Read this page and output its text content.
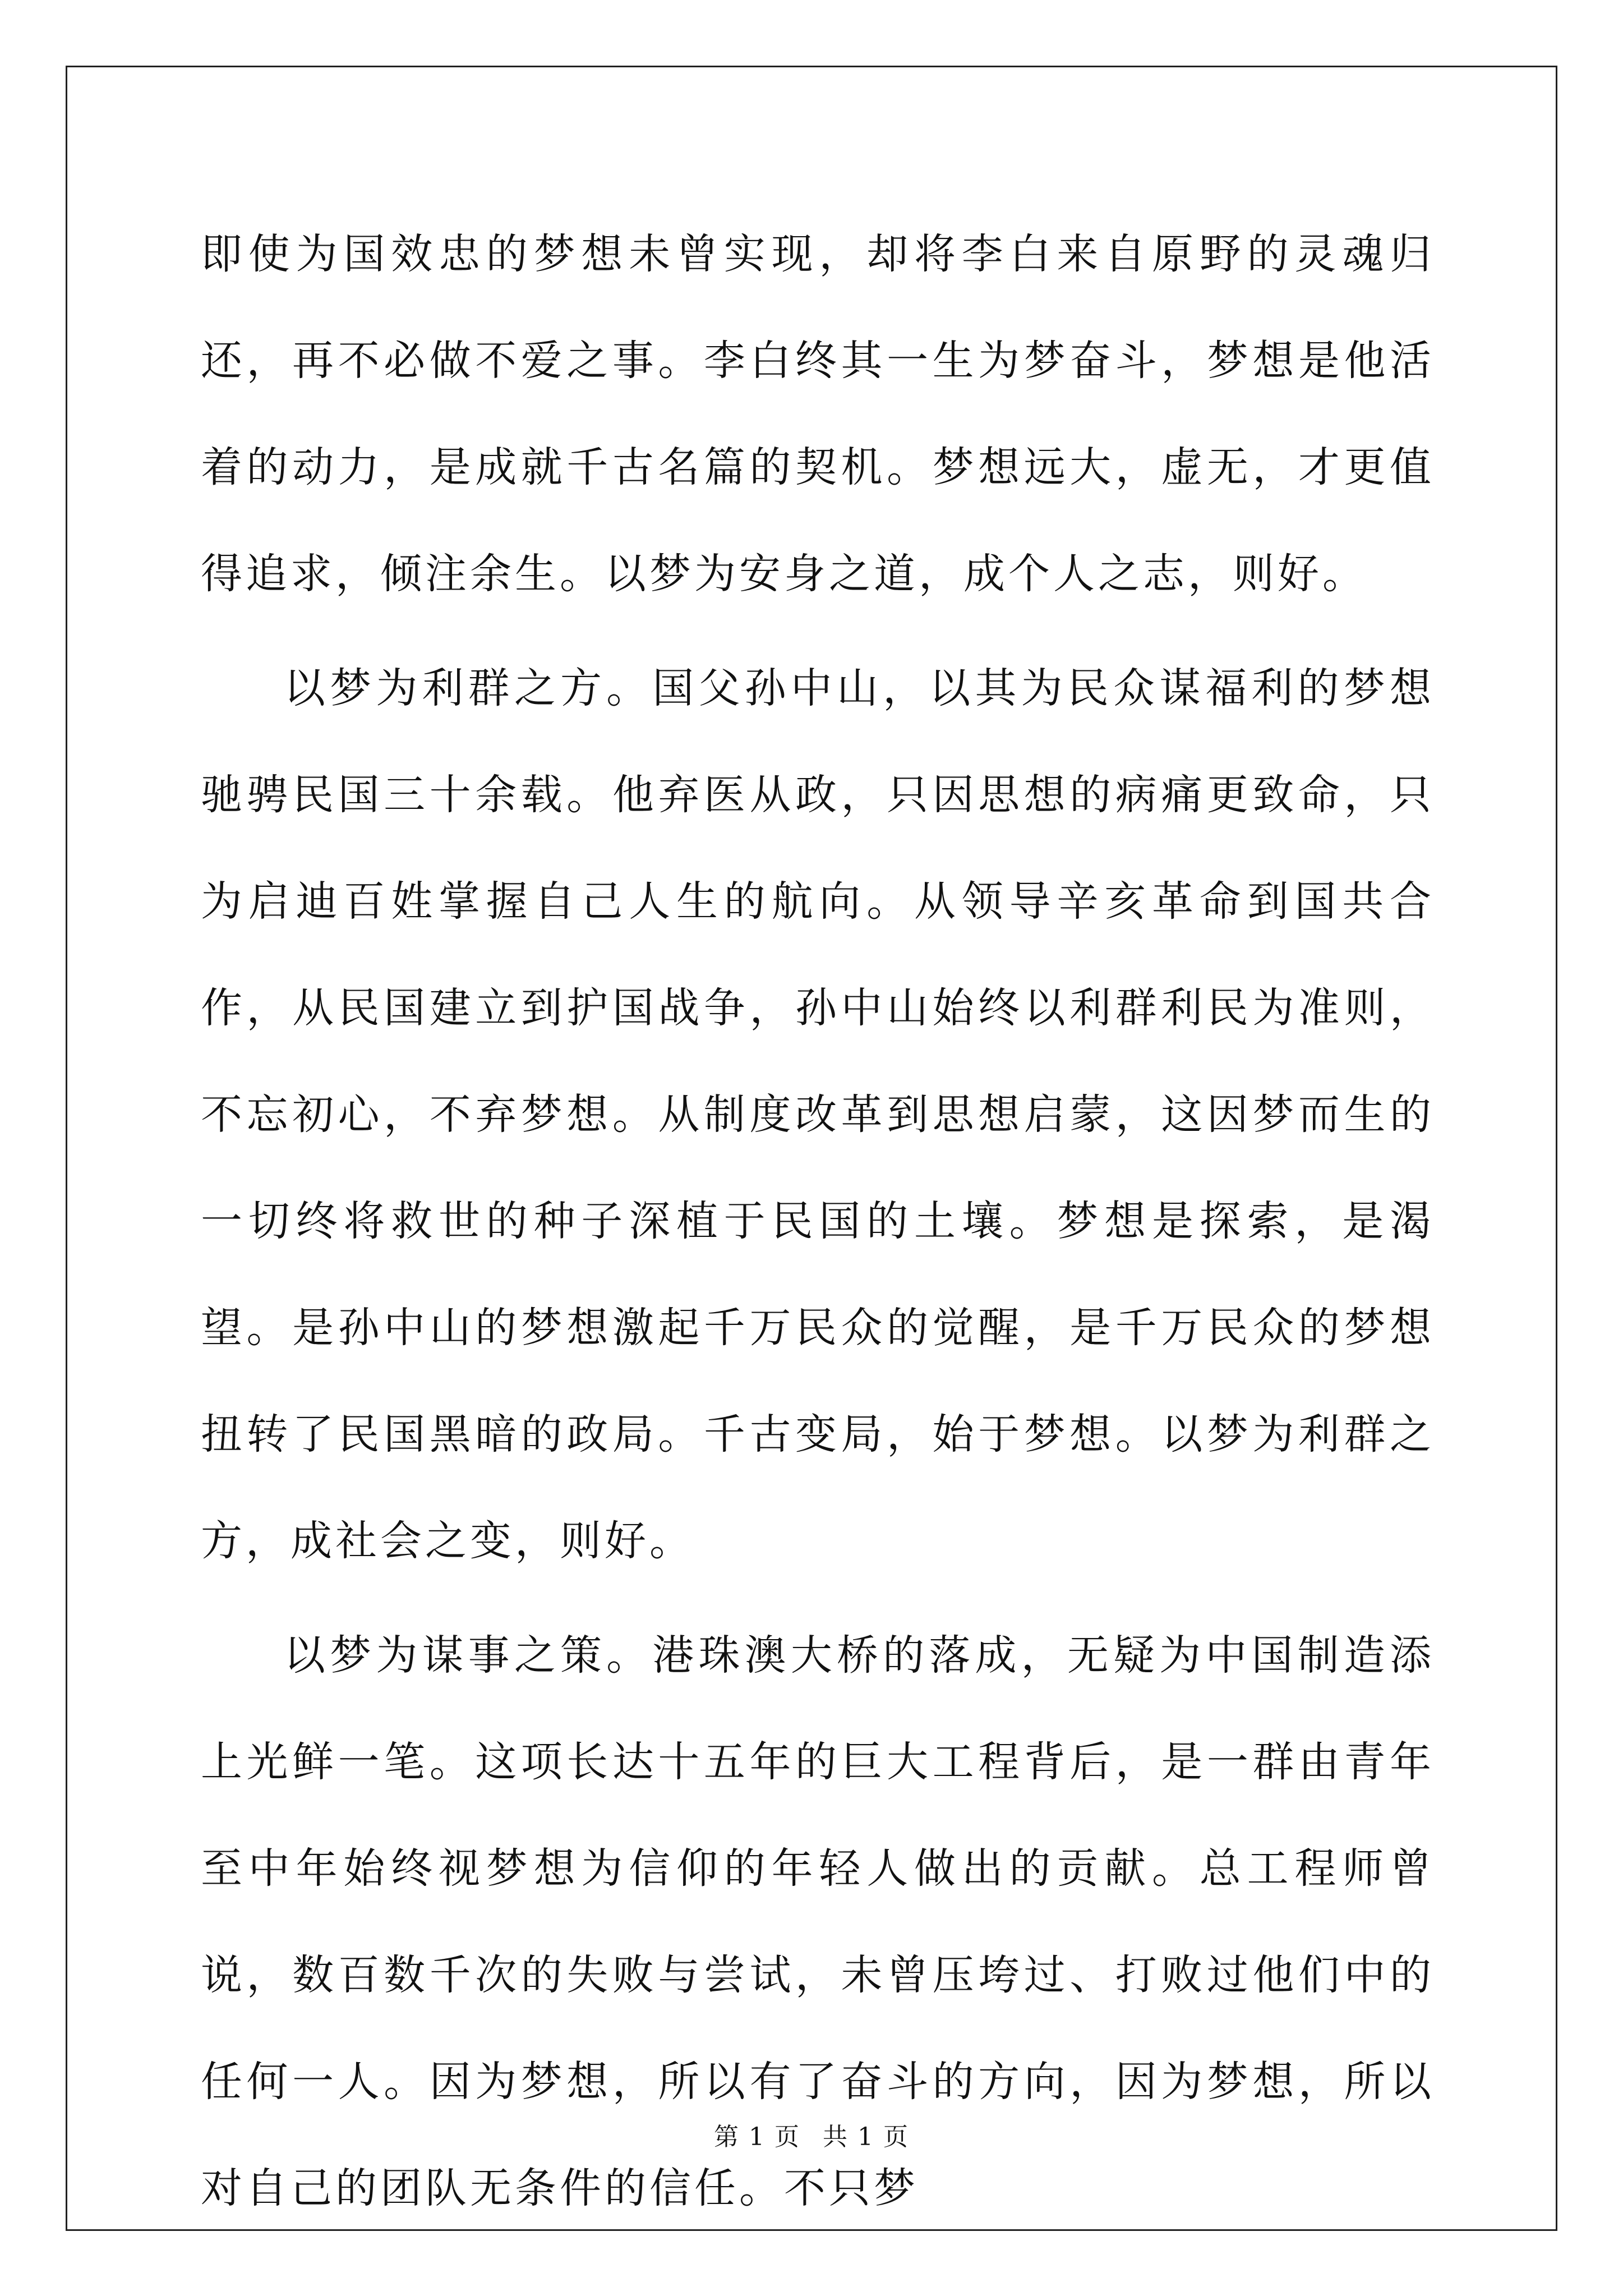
即使为国效忠的梦想未曾实现，却将李白来自原野的灵魂归还，再不必做不爱之事。李白终其一生为梦奋斗，梦想是他活着的动力，是成就千古名篇的契机。梦想远大，虚无，才更值得追求，倾注余生。以梦为安身之道，成个人之志，则好。

以梦为利群之方。国父孙中山，以其为民众谋福利的梦想驰骋民国三十余载。他弃医从政，只因思想的病痛更致命，只为启迪百姓掌握自己人生的航向。从领导辛亥革命到国共合作，从民国建立到护国战争，孙中山始终以利群利民为准则，不忘初心，不弃梦想。从制度改革到思想启蒙，这因梦而生的一切终将救世的种子深植于民国的土壤。梦想是探索，是渴望。是孙中山的梦想激起千万民众的觉醒，是千万民众的梦想扭转了民国黑暗的政局。千古变局，始于梦想。以梦为利群之方，成社会之变，则好。

以梦为谋事之策。港珠澳大桥的落成，无疑为中国制造添上光鲜一笔。这项长达十五年的巨大工程背后，是一群由青年至中年始终视梦想为信仰的年轻人做出的贡献。总工程师曾说，数百数千次的失败与尝试，未曾压垮过、打败过他们中的任何一人。因为梦想，所以有了奋斗的方向，因为梦想，所以对自己的团队无条件的信任。不只梦

第 1 页 共 1 页
